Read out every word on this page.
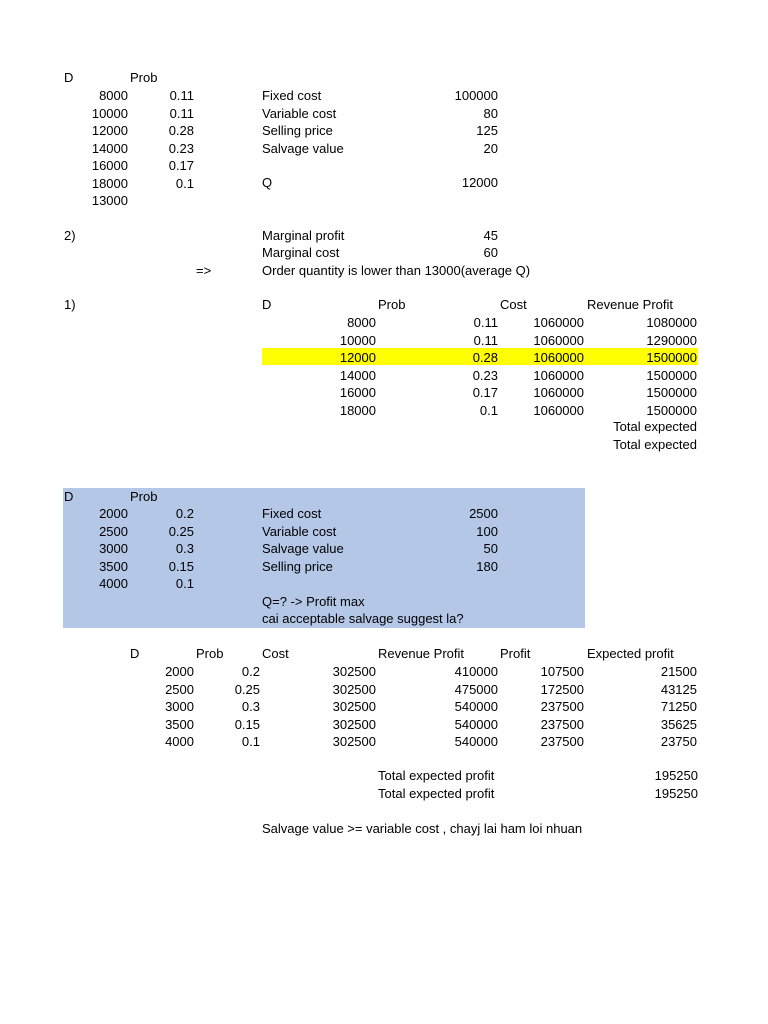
D	Prob
8000	0.11
10000	0.11
12000	0.28
14000	0.23
16000	0.17
18000	0.1
13000
Fixed cost	100000
Variable cost	80
Selling price	125
Salvage value	20
Q	12000
2)	Marginal profit	45
Marginal cost	60
=>	Order quantity is lower than 13000(average Q)
1)	D	Prob	Cost	Revenue Profit
8000	0.11	1060000	1080000
10000	0.11	1060000	1290000
12000	0.28	1060000	1500000
14000	0.23	1060000	1500000
16000	0.17	1060000	1500000
18000	0.1	1060000	1500000
Total expected
Total expected
D	Prob
2000	0.2
2500	0.25
3000	0.3
3500	0.15
4000	0.1
Fixed cost	2500
Variable cost	100
Salvage value	50
Selling price	180
Q=? -> Profit max
cai acceptable salvage suggest la?
D	Prob	Cost	Revenue Profit	Profit	Expected profit
2000	0.2	302500	410000	107500	21500
2500	0.25	302500	475000	172500	43125
3000	0.3	302500	540000	237500	71250
3500	0.15	302500	540000	237500	35625
4000	0.1	302500	540000	237500	23750
Total expected profit	195250
Total expected profit	195250
Salvage value >= variable cost , chayj lai ham loi nhuan
